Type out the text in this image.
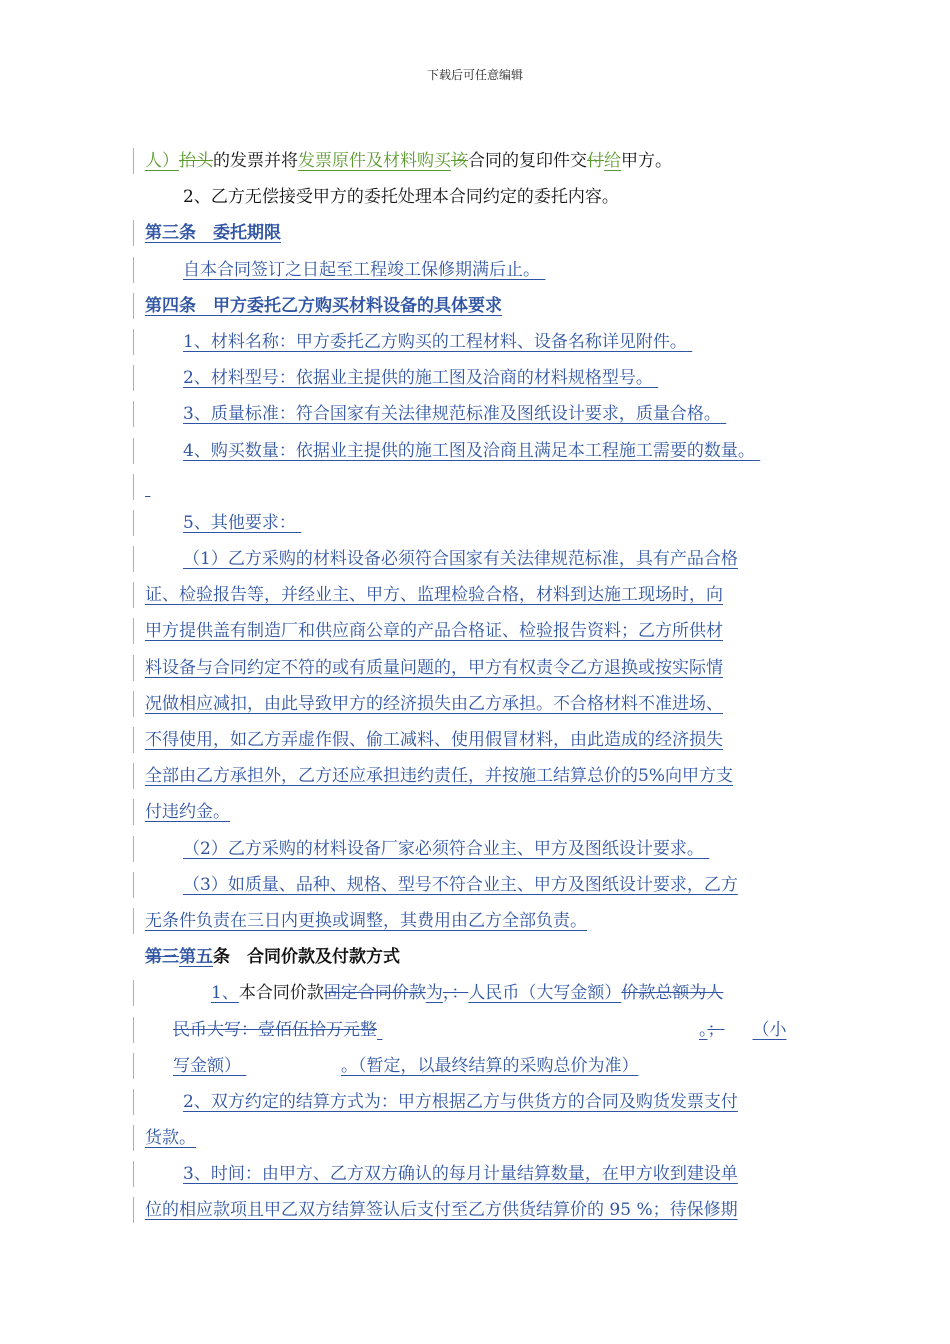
下载后可任意编辑
人）抬头的发票并将发票原件及材料购买该合同的复印件交付给甲方。
2、乙方无偿接受甲方的委托处理本合同约定的委托内容。
第三条　委托期限
自本合同签订之日起至工程竣工保修期满后止。
第四条　甲方委托乙方购买材料设备的具体要求
1、材料名称：甲方委托乙方购买的工程材料、设备名称详见附件。
2、材料型号：依据业主提供的施工图及洽商的材料规格型号。
3、质量标准：符合国家有关法律规范标准及图纸设计要求，质量合格。
4、购买数量：依据业主提供的施工图及洽商且满足本工程施工需要的数量。

5、其他要求：
（1）乙方采购的材料设备必须符合国家有关法律规范标准，具有产品合格
证、检验报告等，并经业主、甲方、监理检验合格，材料到达施工现场时，向
甲方提供盖有制造厂和供应商公章的产品合格证、检验报告资料；乙方所供材
料设备与合同约定不符的或有质量问题的，甲方有权责令乙方退换或按实际情
况做相应减扣，由此导致甲方的经济损失由乙方承担。不合格材料不准进场、
不得使用，如乙方弄虚作假、偷工减料、使用假冒材料，由此造成的经济损失
全部由乙方承担外，乙方还应承担违约责任，并按施工结算总价的5%向甲方支
付违约金。
（2）乙方采购的材料设备厂家必须符合业主、甲方及图纸设计要求。
（3）如质量、品种、规格、型号不符合业主、甲方及图纸设计要求，乙方
无条件负责在三日内更换或调整，其费用由乙方全部负责。
第三第五条　合同价款及付款方式
1、本合同价款固定合同价款为，：人民币（大写金额）价款总额为人
民币大写：壹佰伍拾万元整	。； （小
写金额）	。（暂定，以最终结算的采购总价为准）
2、双方约定的结算方式为：甲方根据乙方与供货方的合同及购货发票支付
货款。
3、时间：由甲方、乙方双方确认的每月计量结算数量，在甲方收到建设单
位的相应款项且甲乙双方结算签认后支付至乙方供货结算价的 95 %；待保修期
